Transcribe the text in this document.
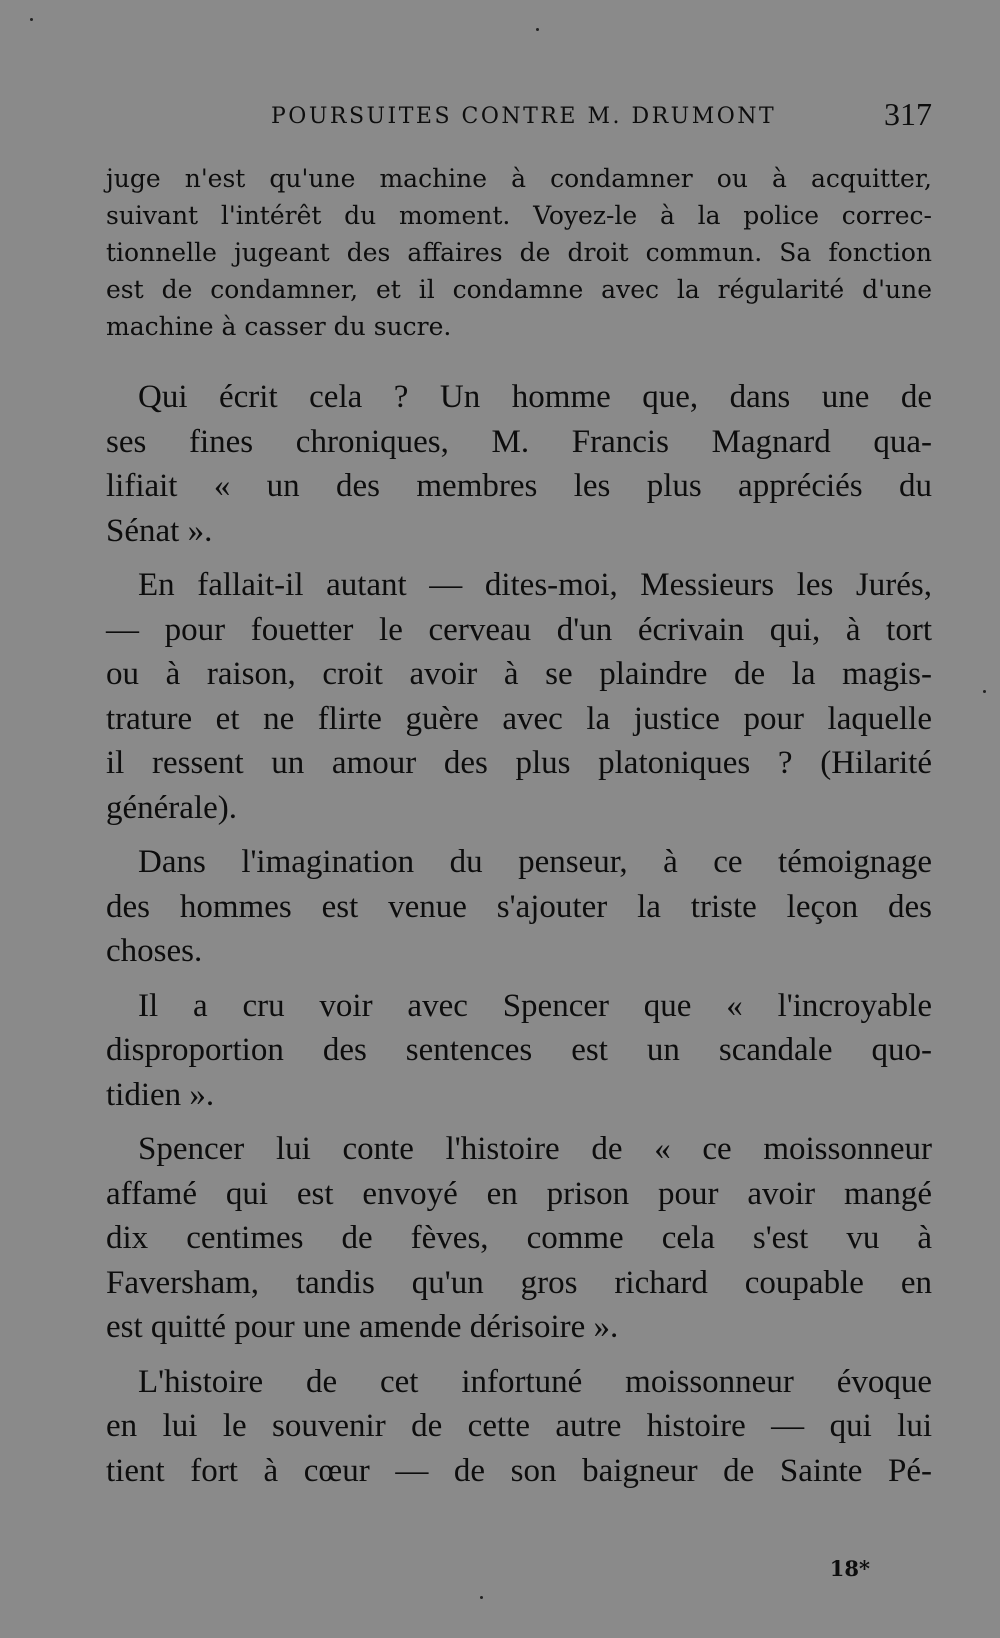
POURSUITES CONTRE M. DRUMONT	317
juge n'est qu'une machine à condamner ou à acquitter,
suivant l'intérêt du moment. Voyez-le à la police correc-
tionnelle jugeant des affaires de droit commun. Sa fonction
est de condamner, et il condamne avec la régularité d'une
machine à casser du sucre.
Qui écrit cela ? Un homme que, dans une de
ses fines chroniques, M. Francis Magnard qua-
lifiait « un des membres les plus appréciés du
Sénat ».
En fallait-il autant — dites-moi, Messieurs les Jurés,
— pour fouetter le cerveau d'un écrivain qui, à tort
ou à raison, croit avoir à se plaindre de la magis-
trature et ne flirte guère avec la justice pour laquelle
il ressent un amour des plus platoniques ? (Hilarité
générale).
Dans l'imagination du penseur, à ce témoignage
des hommes est venue s'ajouter la triste leçon des
choses.
Il a cru voir avec Spencer que « l'incroyable
disproportion des sentences est un scandale quo-
tidien ».
Spencer lui conte l'histoire de « ce moissonneur
affamé qui est envoyé en prison pour avoir mangé
dix centimes de fèves, comme cela s'est vu à
Faversham, tandis qu'un gros richard coupable en
est quitté pour une amende dérisoire ».
L'histoire de cet infortuné moissonneur évoque
en lui le souvenir de cette autre histoire — qui lui
tient fort à cœur — de son baigneur de Sainte Pé-
18*
